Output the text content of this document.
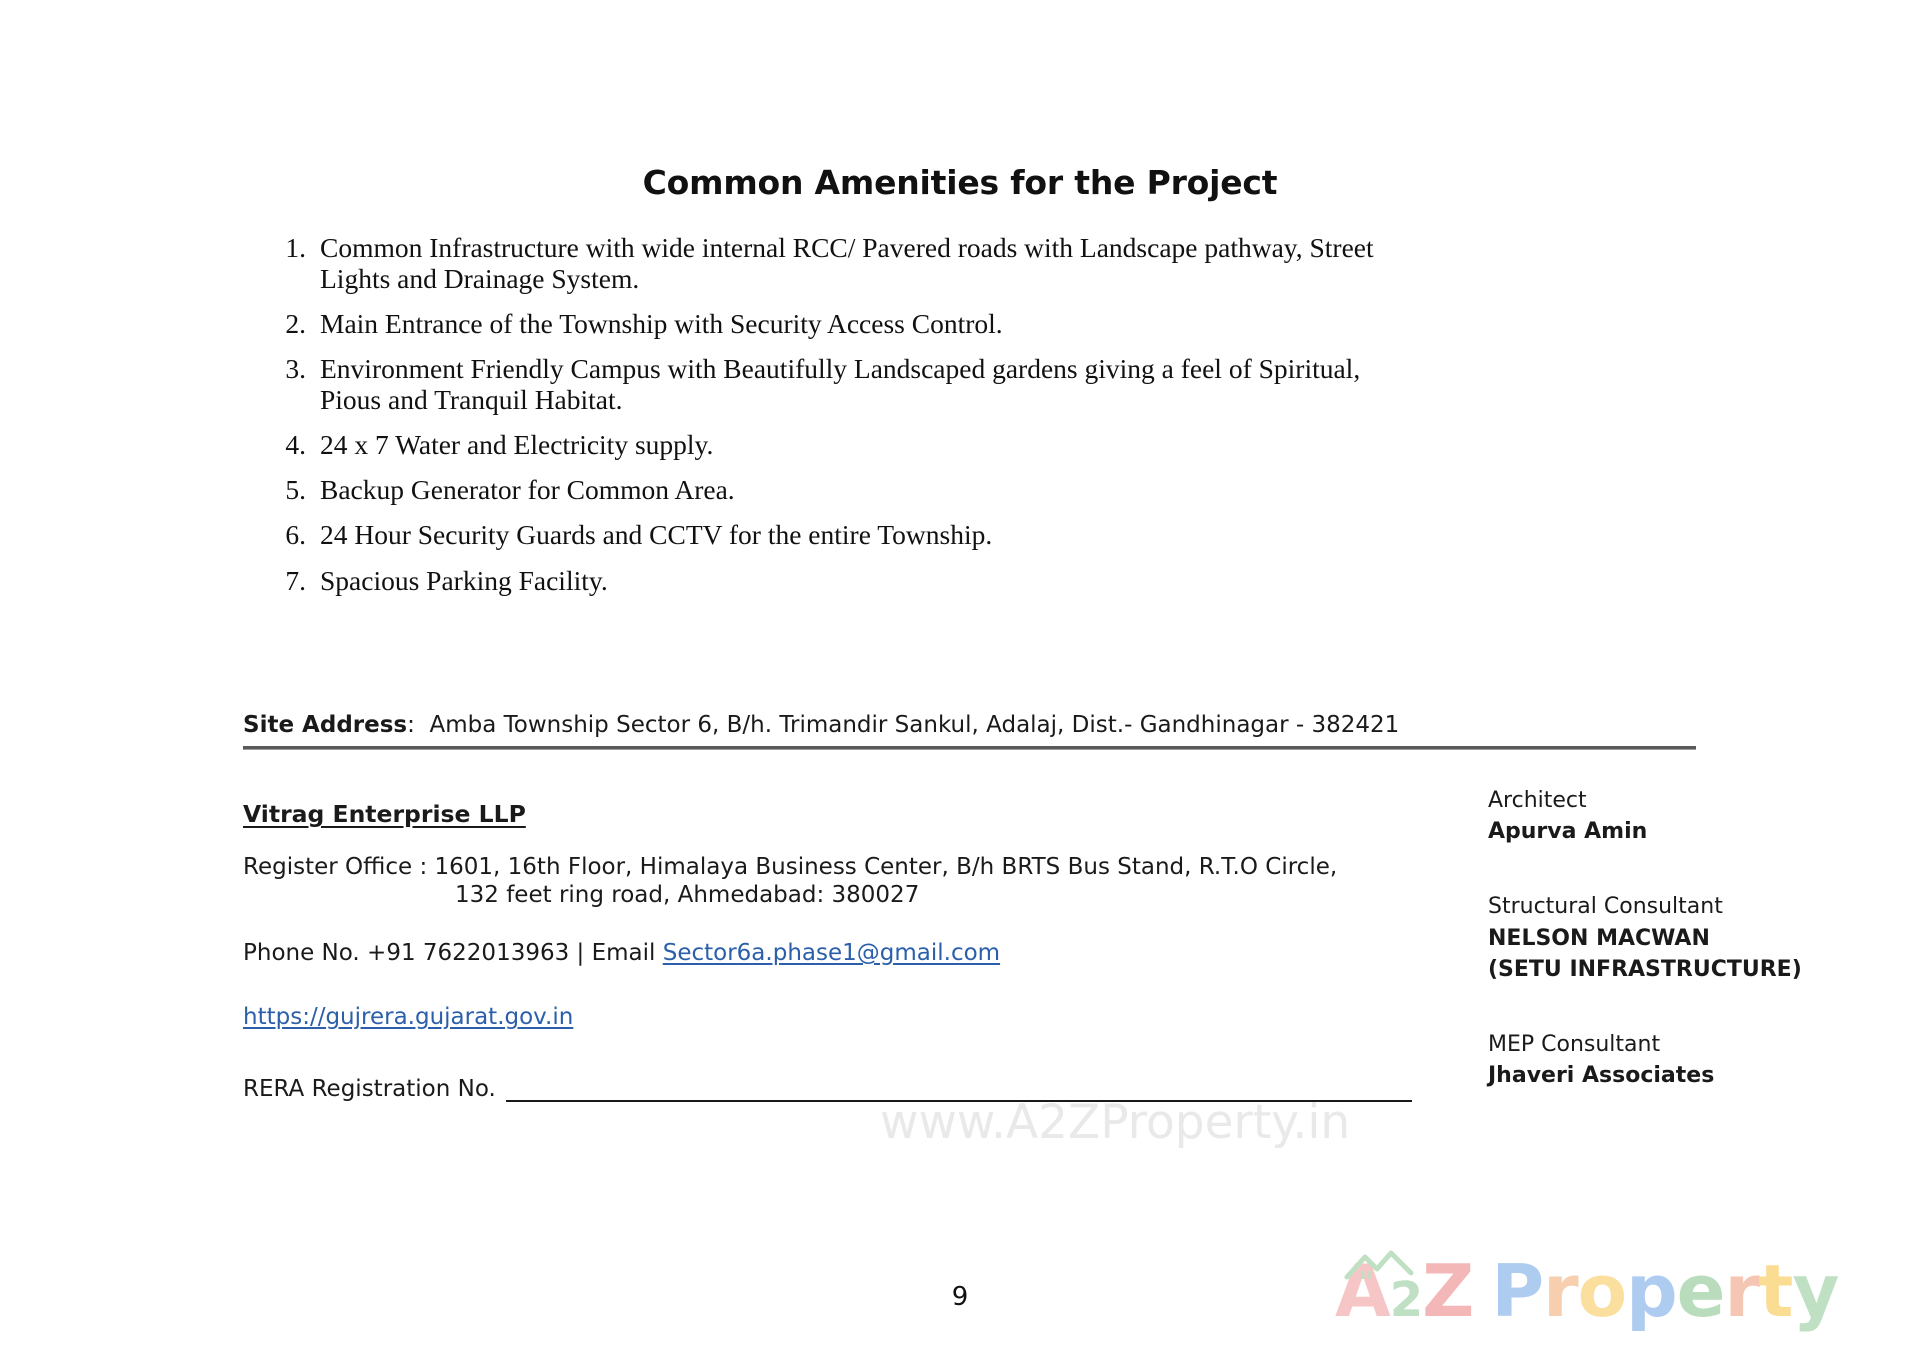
Common Amenities for the Project
1. Common Infrastructure with wide internal RCC/ Pavered roads with Landscape pathway, Street Lights and Drainage System.
2. Main Entrance of the Township with Security Access Control.
3. Environment Friendly Campus with Beautifully Landscaped gardens giving a feel of Spiritual, Pious and Tranquil Habitat.
4. 24 x 7 Water and Electricity supply.
5. Backup Generator for Common Area.
6. 24 Hour Security Guards and CCTV for the entire Township.
7. Spacious Parking Facility.
Site Address: Amba Township Sector 6, B/h. Trimandir Sankul, Adalaj, Dist.- Gandhinagar - 382421
Vitrag Enterprise LLP
Register Office : 1601, 16th Floor, Himalaya Business Center, B/h BRTS Bus Stand, R.T.O Circle,
132 feet ring road, Ahmedabad: 380027
Phone No. +91 7622013963 | Email Sector6a.phase1@gmail.com
https://gujrera.gujarat.gov.in
RERA Registration No.
Architect
Apurva Amin
Structural Consultant
NELSON MACWAN
(SETU INFRASTRUCTURE)
MEP Consultant
Jhaveri Associates
www.A2ZProperty.in
9	A2Z Property
